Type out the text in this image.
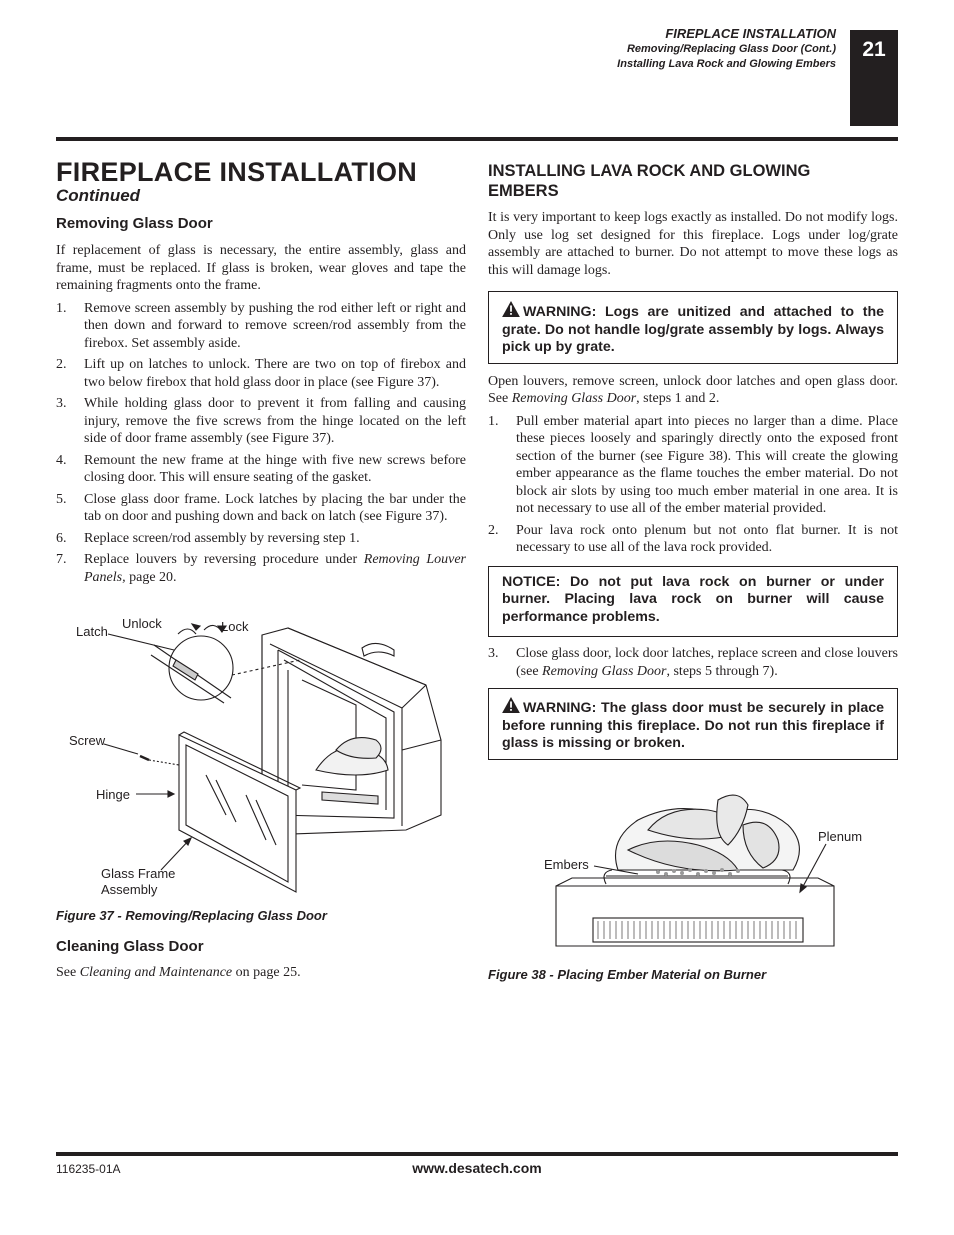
FIREPLACE INSTALLATION
Removing/Replacing Glass Door (Cont.)
Installing Lava Rock and Glowing Embers
21
FIREPLACE INSTALLATION
Continued
Removing Glass Door

If replacement of glass is necessary, the entire assembly, glass and frame, must be replaced. If glass is broken, wear gloves and tape the remaining fragments onto the frame.

1. Remove screen assembly by pushing the rod either left or right and then down and forward to remove screen/rod assembly from the firebox. Set assembly aside.
2. Lift up on latches to unlock. There are two on top of firebox and two below firebox that hold glass door in place (see Figure 37).
3. While holding glass door to prevent it from falling and causing injury, remove the five screws from the hinge located on the left side of door frame assembly (see Figure 37).
4. Remount the new frame at the hinge with five new screws before closing door. This will ensure seating of the gasket.
5. Close glass door frame. Lock latches by placing the bar under the tab on door and pushing down and back on latch (see Figure 37).
6. Replace screen/rod assembly by reversing step 1.
7. Replace louvers by reversing procedure under Removing Louver Panels, page 20.
Latch
Unlock	Lock
Screw
Hinge
Glass Frame
Assembly
Figure 37 - Removing/Replacing Glass Door
Cleaning Glass Door

See Cleaning and Maintenance on page 25.

INSTALLING LAVA ROCK AND GLOWING EMBERS

It is very important to keep logs exactly as installed. Do not modify logs. Only use log set designed for this fireplace. Logs under log/grate assembly are attached to burner. Do not attempt to move these logs as this will damage logs.

WARNING: Logs are unitized and attached to the grate. Do not handle log/grate assembly by logs. Always pick up by grate.

Open louvers, remove screen, unlock door latches and open glass door. See Removing Glass Door, steps 1 and 2.

1. Pull ember material apart into pieces no larger than a dime. Place these pieces loosely and sparingly directly onto the exposed front section of the burner (see Figure 38). This will create the glowing ember appearance as the flame touches the ember material. Do not block air slots by using too much ember material in one area. It is not necessary to use all of the ember material provided.
2. Pour lava rock onto plenum but not onto flat burner. It is not necessary to use all of the lava rock provided.
NOTICE: Do not put lava rock on burner or under burner. Placing lava rock on burner will cause performance problems.
3. Close glass door, lock door latches, replace screen and close louvers (see Removing Glass Door, steps 5 through 7).
WARNING: The glass door must be securely in place before running this fireplace. Do not run this fireplace if glass is missing or broken.
Embers
Plenum
Figure 38 - Placing Ember Material on Burner
116235-01A	www.desatech.com
